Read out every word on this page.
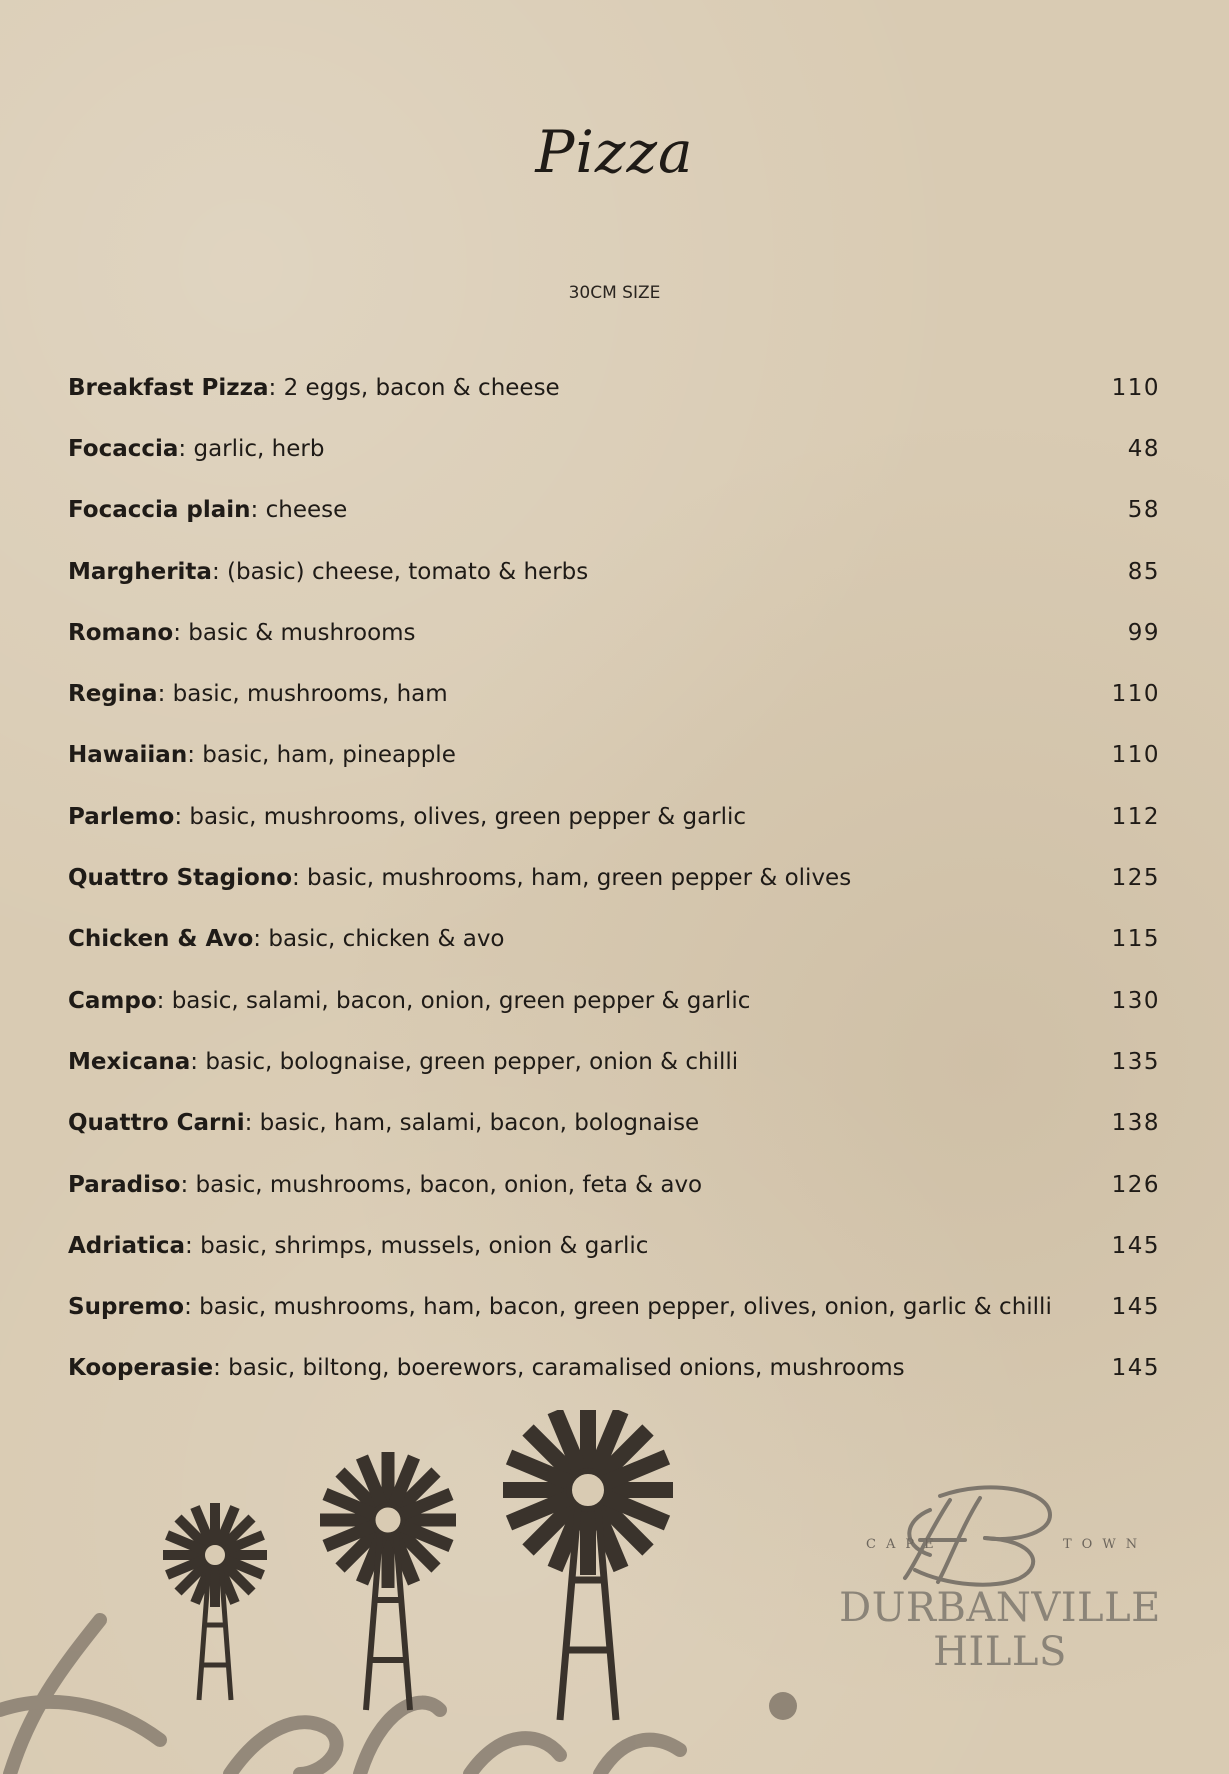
Pizza
30CM SIZE
Breakfast Pizza: 2 eggs, bacon & cheese	110
Focaccia: garlic, herb	48
Focaccia plain: cheese	58
Margherita: (basic) cheese, tomato & herbs	85
Romano: basic & mushrooms	99
Regina: basic, mushrooms, ham	110
Hawaiian: basic, ham, pineapple	110
Parlemo: basic, mushrooms, olives, green pepper & garlic	112
Quattro Stagiono: basic, mushrooms, ham, green pepper & olives	125
Chicken & Avo: basic, chicken & avo	115
Campo: basic, salami, bacon, onion, green pepper & garlic	130
Mexicana: basic, bolognaise, green pepper, onion & chilli	135
Quattro Carni: basic, ham, salami, bacon, bolognaise	138
Paradiso: basic, mushrooms, bacon, onion, feta & avo	126
Adriatica: basic, shrimps, mussels, onion & garlic	145
Supremo: basic, mushrooms, ham, bacon, green pepper, olives, onion, garlic & chilli	145
Kooperasie: basic, biltong, boerewors, caramalised onions, mushrooms	145
CAPE	TOWN
DURBANVILLE
HILLS
